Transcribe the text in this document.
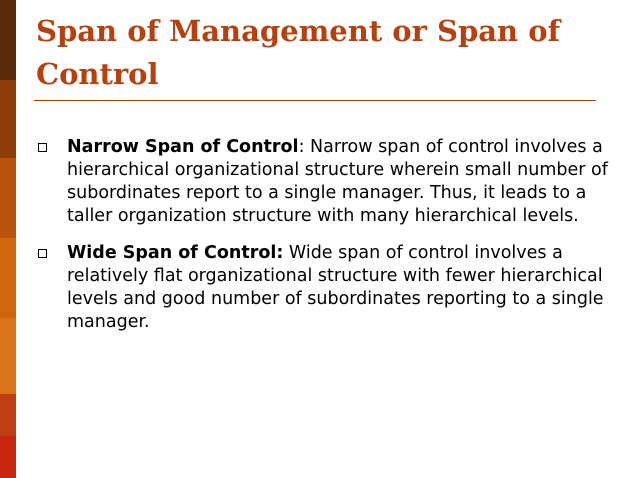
Span of Management or Span of Control
Narrow Span of Control: Narrow span of control involves a hierarchical organizational structure wherein small number of subordinates report to a single manager. Thus, it leads to a taller organization structure with many hierarchical levels.
Wide Span of Control: Wide span of control involves a relatively flat organizational structure with fewer hierarchical levels and good number of subordinates reporting to a single manager.
